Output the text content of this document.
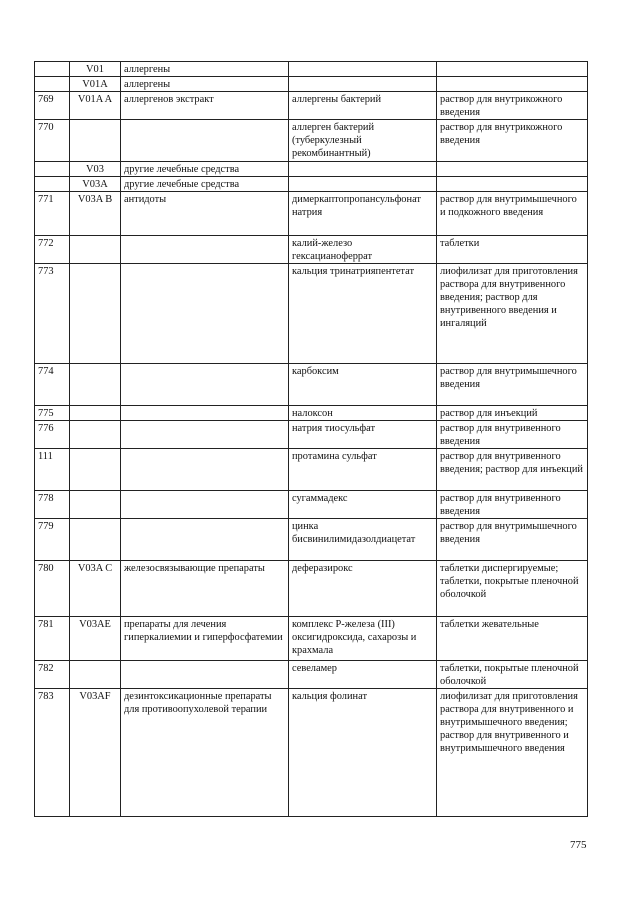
	V01	аллергены		
	V01A	аллергены		
769	V01A A	аллергенов экстракт	аллергены бактерий	раствор для внутрикожного введения
770			аллерген бактерий (туберкулезный рекомбинантный)	раствор для внутрикожного введения
	V03	другие лечебные средства		
	V03A	другие лечебные средства		
771	V03A В	антидоты	димеркаптопропансульфонат натрия	раствор для внутримышечного и подкожного введения
772			калий-железо гексацианоферрат	таблетки
773			кальция тринатрияпентетат	лиофилизат для приготовления раствора для внутривенного введения; раствор для внутривенного введения и ингаляций
774			карбоксим	раствор для внутримышечного введения
775			налоксон	раствор для инъекций
776			натрия тиосульфат	раствор для внутривенного введения
111			протамина сульфат	раствор для внутривенного введения; раствор для инъекций
778			сугаммадекс	раствор для внутривенного введения
779			цинка бисвинилимидазолдиацетат	раствор для внутримышечного введения
780	V03A С	железосвязывающие препараты	деферазирокс	таблетки диспергируемые; таблетки, покрытые пленочной оболочкой
781	V03AE	препараты для лечения гиперкалиемии и гиперфосфатемии	комплекс Р-железа (III) оксигидроксида, сахарозы и крахмала	таблетки жевательные
782			севеламер	таблетки, покрытые пленочной оболочкой
783	V03AF	дезинтоксикационные препараты для противоопухолевой терапии	кальция фолинат	лиофилизат для приготовления раствора для внутривенного и внутримышечного введения; раствор для внутривенного и внутримышечного введения
775
